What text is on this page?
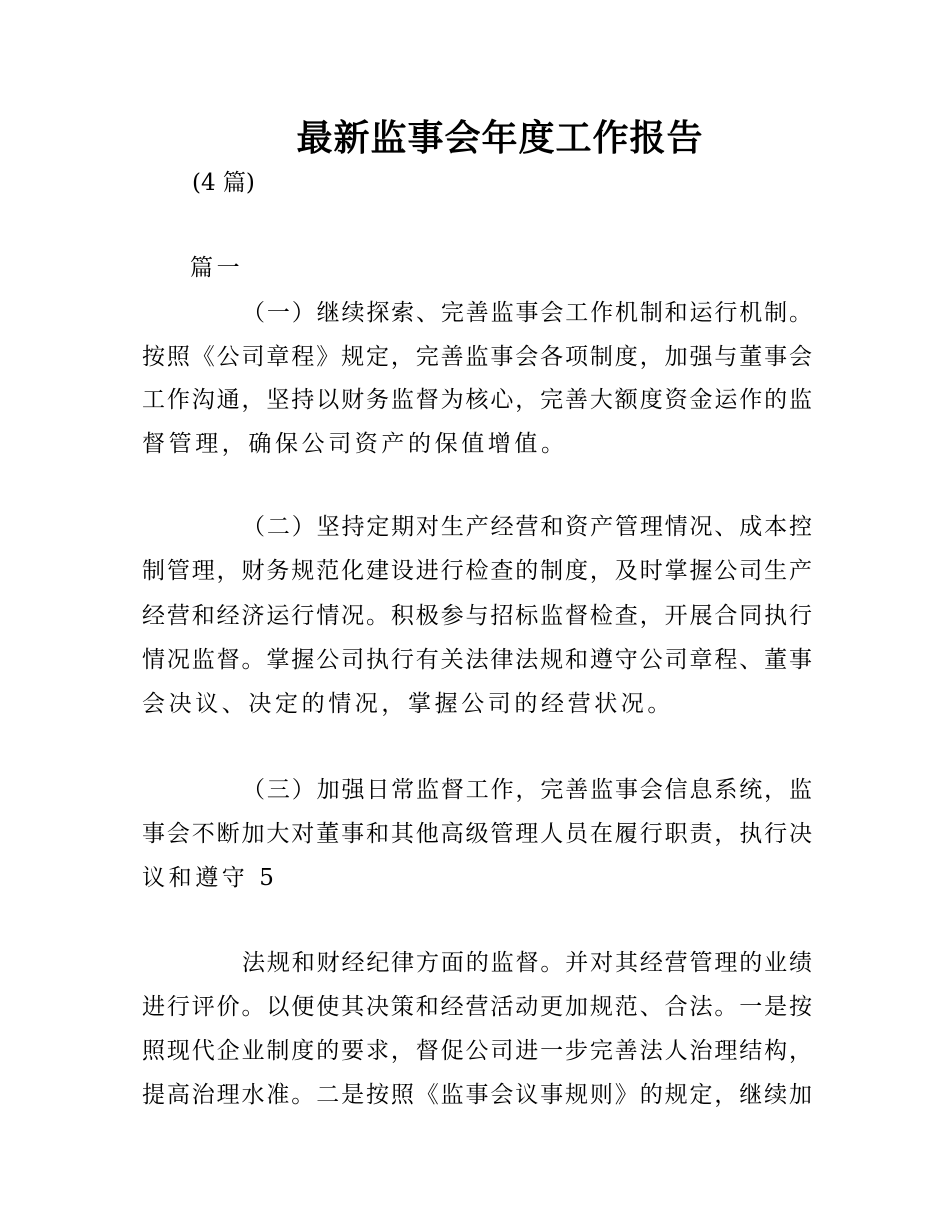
最新监事会年度工作报告
(4 篇)
篇一
（一）继续探索、完善监事会工作机制和运行机制。
按照《公司章程》规定，完善监事会各项制度，加强与董事会
工作沟通，坚持以财务监督为核心，完善大额度资金运作的监
督管理，确保公司资产的保值增值。
（二）坚持定期对生产经营和资产管理情况、成本控
制管理，财务规范化建设进行检查的制度，及时掌握公司生产
经营和经济运行情况。积极参与招标监督检查，开展合同执行
情况监督。掌握公司执行有关法律法规和遵守公司章程、董事
会决议、决定的情况，掌握公司的经营状况。
（三）加强日常监督工作，完善监事会信息系统，监
事会不断加大对董事和其他高级管理人员在履行职责，执行决
议和遵守 5
法规和财经纪律方面的监督。并对其经营管理的业绩
进行评价。以便使其决策和经营活动更加规范、合法。一是按
照现代企业制度的要求，督促公司进一步完善法人治理结构，
提高治理水准。二是按照《监事会议事规则》的规定，继续加
